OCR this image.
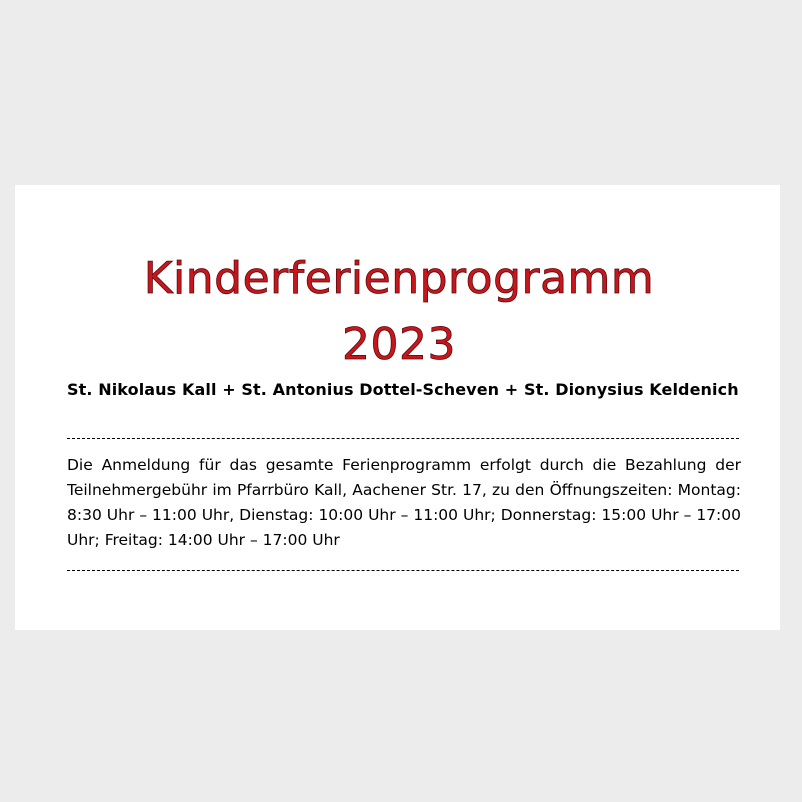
Kinderferienprogramm
2023
St. Nikolaus Kall + St. Antonius Dottel-Scheven + St. Dionysius Keldenich

Die Anmeldung für das gesamte Ferienprogramm erfolgt durch die Bezahlung der Teilnehmergebühr im Pfarrbüro Kall, Aachener Str. 17, zu den Öffnungszeiten: Montag: 8:30 Uhr – 11:00 Uhr, Dienstag: 10:00 Uhr – 11:00 Uhr; Donnerstag: 15:00 Uhr – 17:00 Uhr; Freitag: 14:00 Uhr – 17:00 Uhr
